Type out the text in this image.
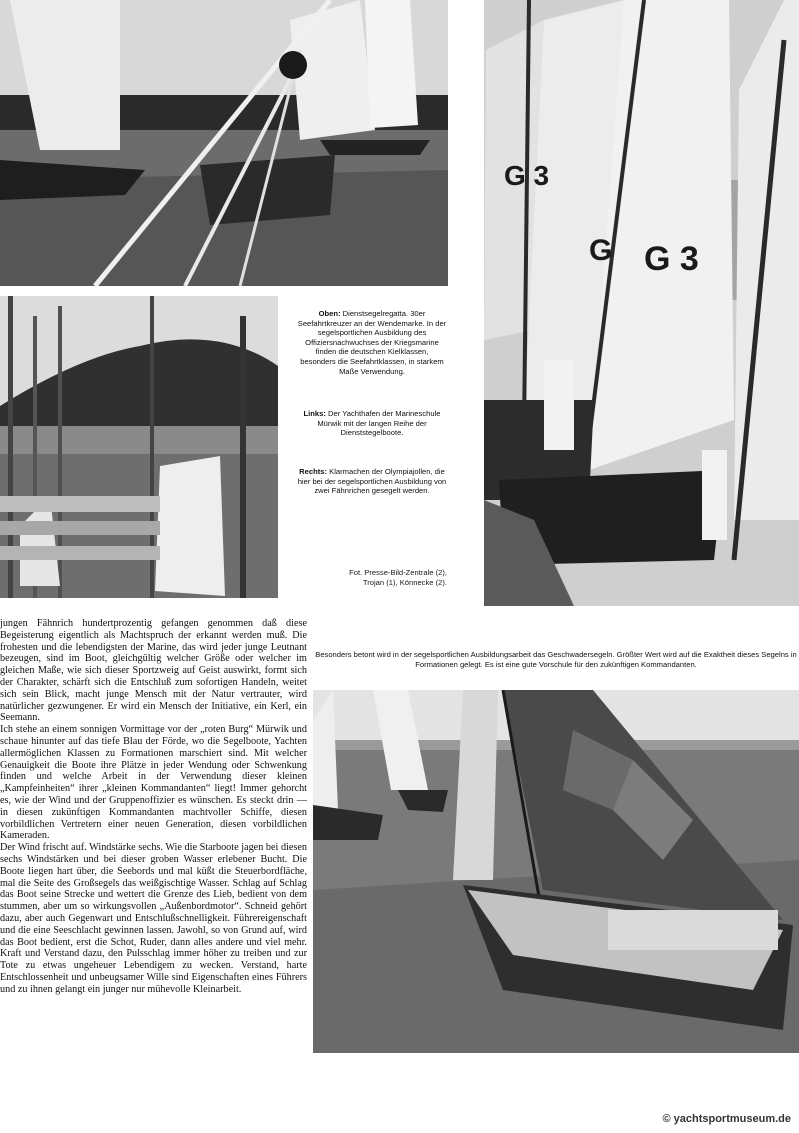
G 3
G G 3
Oben: Dienstsegelregatta. 30er Seefahrtkreuzer an der Wendemarke. In der segelsportlichen Ausbildung des Offiziersnachwuchses der Kriegsmarine finden die deutschen Kielklassen, besonders die Seefahrtklassen, in starkem Maße Verwendung.
Links: Der Yachthafen der Marineschule Mürwik mit der langen Reihe der Dienststegelboote.
Rechts: Klarmachen der Olympiajollen, die hier bei der segelsportlichen Ausbildung von zwei Fähnrichen gesegelt werden.
Fot. Presse-Bild-Zentrale (2),
Trojan (1), Könnecke (2).
Besonders betont wird in der segelsportlichen Ausbildungsarbeit das Geschwadersegeln. Größter Wert wird auf die Exaktheit dieses Segelns in Formationen gelegt. Es ist eine gute Vorschule für den zukünftigen Kommandanten.

jungen Fähnrich hundertprozentig gefangen genommen daß diese Begeisterung eigentlich als Machtspruch der erkannt werden muß. Die frohesten und die lebendigsten der Marine, das wird jeder junge Leutnant bezeugen, sind im Boot, gleichgültig welcher Größe oder welcher im gleichen Maße, wie sich dieser Sportzweig auf Geist auswirkt, formt sich der Charakter, schärft sich die Entschluß zum sofortigen Handeln, weitet sich sein Blick, macht junge Mensch mit der Natur vertrauter, wird natürlicher gezwungener. Er wird ein Mensch der Initiative, ein Kerl, ein Seemann.

Ich stehe an einem sonnigen Vormittage vor der „roten Burg“ Mürwik und schaue hinunter auf das tiefe Blau der Förde, wo die Segelboote, Yachten allermöglichen Klassen zu Formationen marschiert sind. Mit welcher Genauigkeit die Boote ihre Plätze in jeder Wendung oder Schwenkung finden und welche Arbeit in der Verwendung dieser kleinen „Kampfeinheiten“ ihrer „kleinen Kommandanten“ liegt! Immer gehorcht es, wie der Wind und der Gruppenoffizier es wünschen. Es steckt drin — in diesen zukünftigen Kommandanten machtvoller Schiffe, diesen vorbildlichen Vertretern einer neuen Generation, diesen vorbildlichen Kameraden.

Der Wind frischt auf. Windstärke sechs. Wie die Starboote jagen bei diesen sechs Windstärken und bei dieser groben Wasser erlebener Bucht. Die Boote liegen hart über, die Seebords und mal küßt die Steuerbordfläche, mal die Seite des Großsegels das weißgischtige Wasser. Schlag auf Schlag das Boot seine Strecke und wettert die Grenze des Lieb, bedient von dem stummen, aber um so wirkungsvollen „Außenbordmotor“. Schneid gehört dazu, aber auch Gegenwart und Entschlußschnelligkeit. Führereigenschaft und die eine Seeschlacht gewinnen lassen. Jawohl, so von Grund auf, wird das Boot bedient, erst die Schot, Ruder, dann alles andere und viel mehr. Kraft und Verstand dazu, den Pulsschlag immer höher zu treiben und zur Tote zu etwas ungeheuer Lebendigem zu wecken. Verstand, harte Entschlossenheit und unbeugsamer Wille sind Eigenschaften eines Führers und zu ihnen gelangt ein junger nur mühevolle Kleinarbeit.

© yachtsportmuseum.de
